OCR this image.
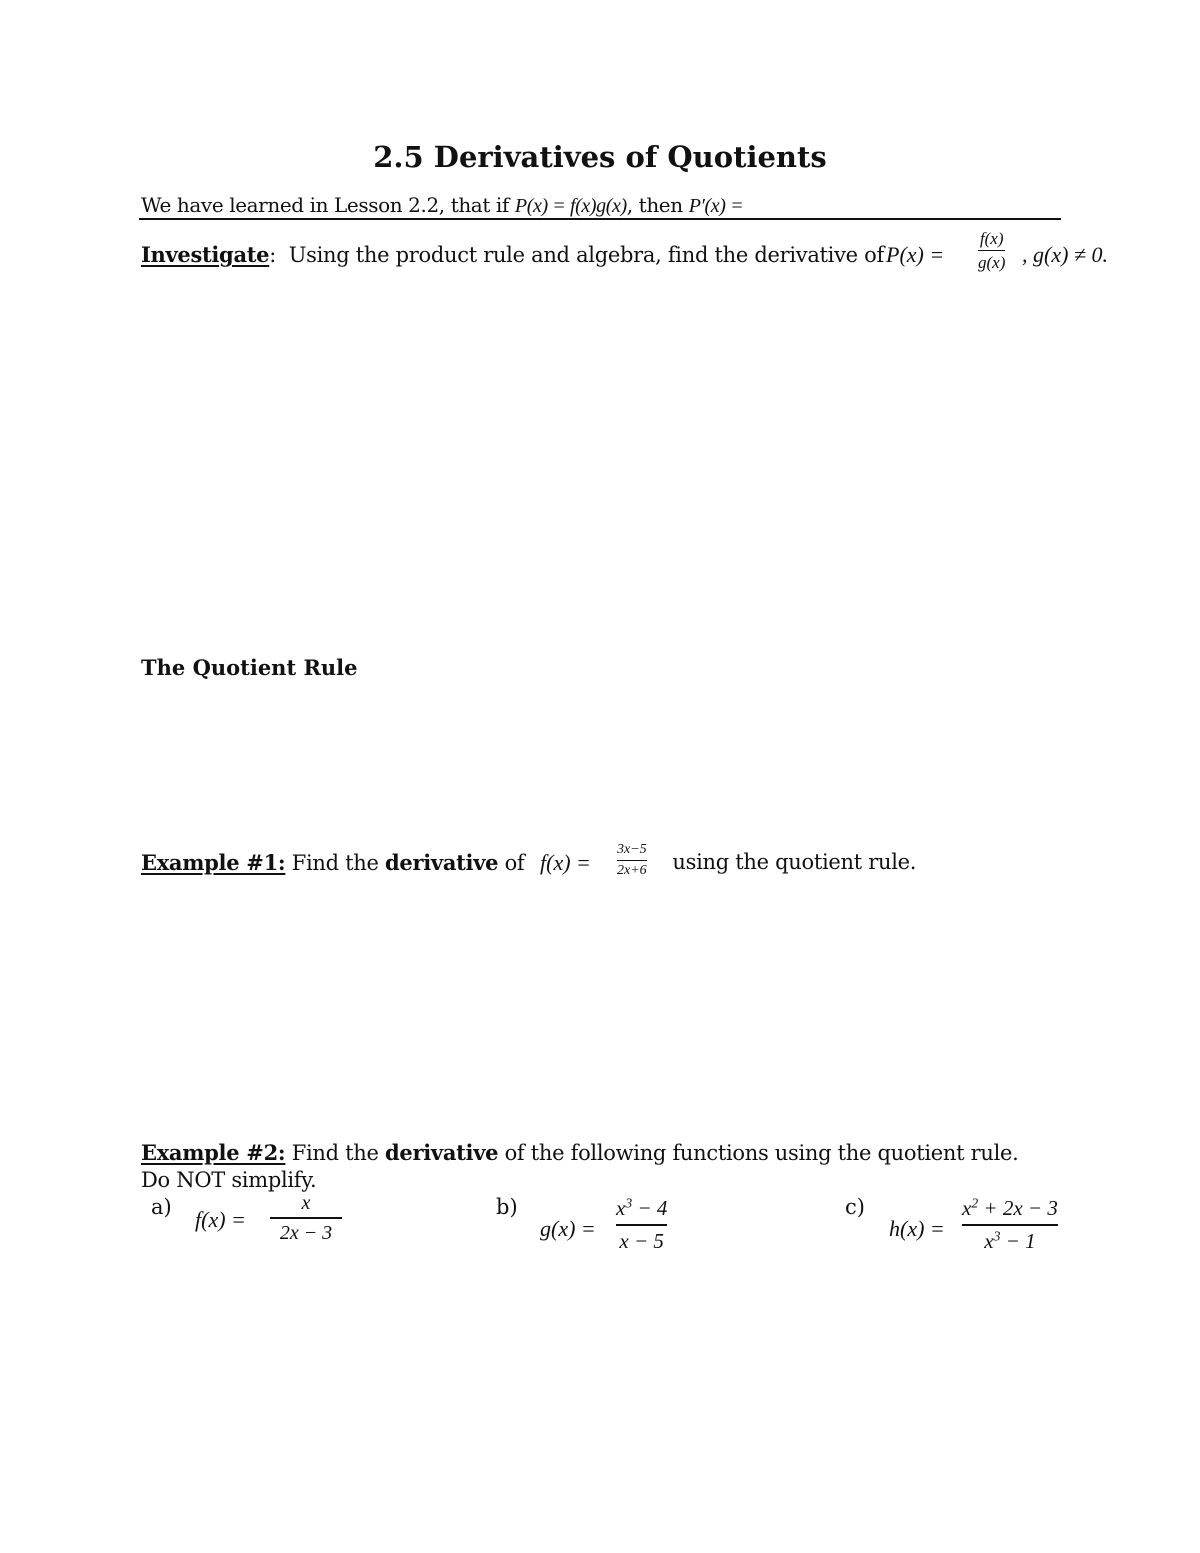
2.5 Derivatives of Quotients
We have learned in Lesson 2.2, that if P(x) = f(x)g(x), then P′(x) =
Investigate:  Using the product rule and algebra, find the derivative of
P(x) =
f(x)
g(x) , g(x) ≠ 0.
The Quotient Rule
Example #1: Find the derivative of f(x) =
3x−5
2x+6 using the quotient rule.
Example #2: Find the derivative of the following functions using the quotient rule.
Do NOT simplify.
a) f(x) =
x
2x − 3
b)
g(x) =
$x^3 - 4$
x − 5
c)
h(x) =
$x^2 + 2x - 3$
$x^3 - 1$
